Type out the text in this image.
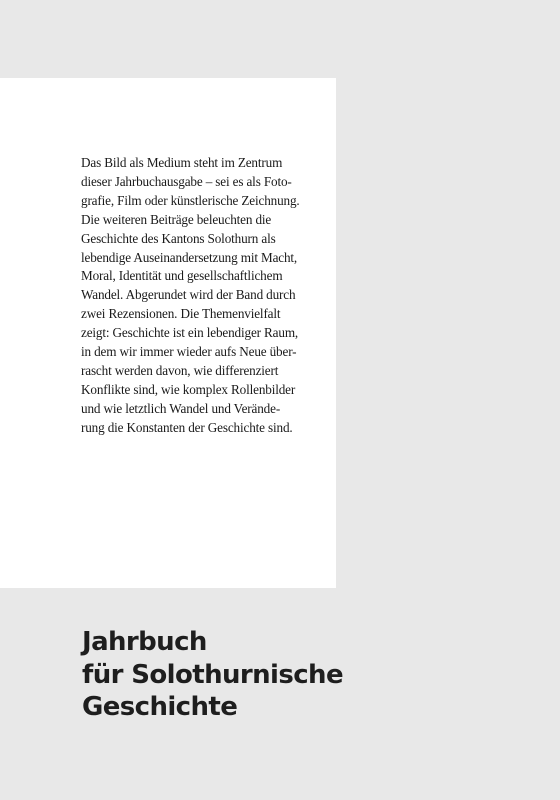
Das Bild als Medium steht im Zentrum
dieser Jahrbuchausgabe – sei es als Foto-
grafie, Film oder künstlerische Zeichnung.
Die weiteren Beiträge beleuchten die
Geschichte des Kantons Solothurn als
lebendige Auseinandersetzung mit Macht,
Moral, Identität und gesellschaftlichem
Wandel. Abgerundet wird der Band durch
zwei Rezensionen. Die Themenvielfalt
zeigt: Geschichte ist ein lebendiger Raum,
in dem wir immer wieder aufs Neue über-
rascht werden davon, wie differenziert
Konflikte sind, wie komplex Rollenbilder
und wie letztlich Wandel und Verände-
rung die Konstanten der Geschichte sind.
Jahrbuch
für Solothurnische
Geschichte
